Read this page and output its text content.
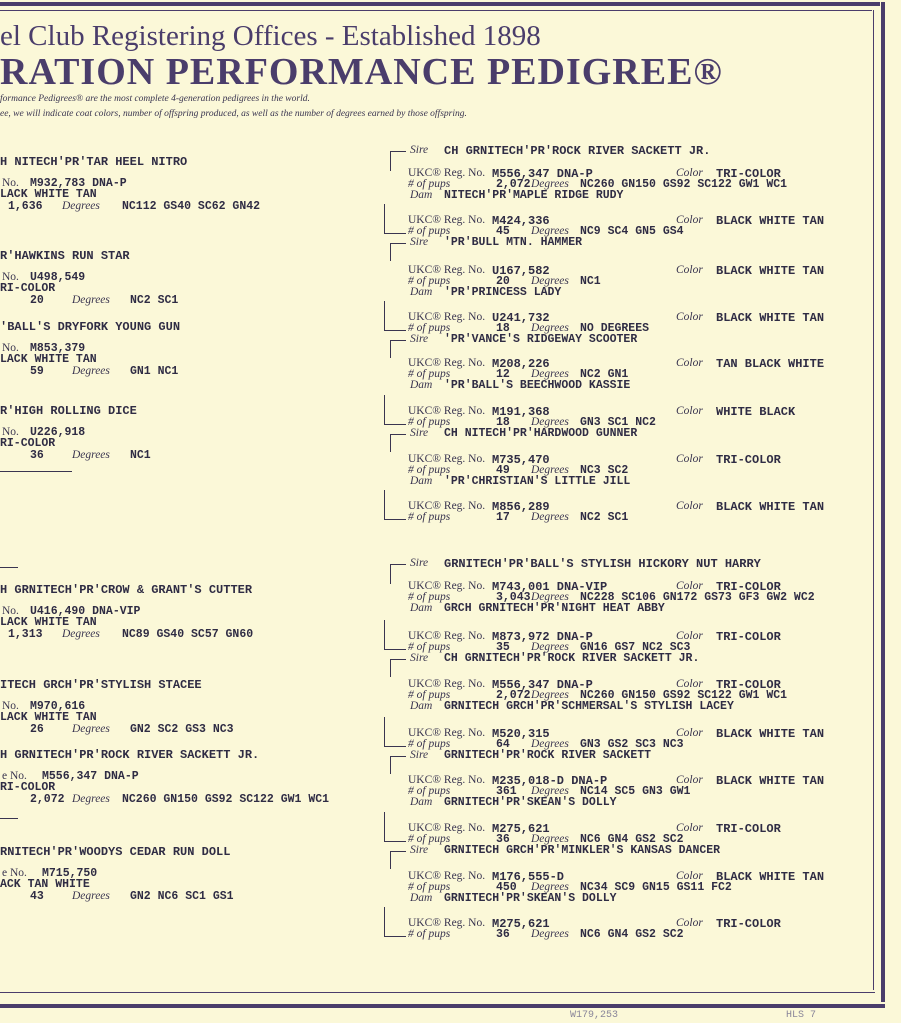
el Club Registering Offices - Established 1898
RATION PERFORMANCE PEDIGREE®
formance Pedigrees® are the most complete 4-generation pedigrees in the world.
ee, we will indicate coat colors, number of offspring produced, as well as the number of degrees earned by those offspring.
H NITECH'PR'TAR HEEL NITRO
No. M932,783 DNA-P
LACK WHITE TAN
1,636 Degrees NC112 GS40 SC62 GN42
R'HAWKINS RUN STAR
No. U498,549
RI-COLOR
20 Degrees NC2 SC1
'BALL'S DRYFORK YOUNG GUN
No. M853,379
LACK WHITE TAN
59 Degrees GN1 NC1
R'HIGH ROLLING DICE
No. U226,918
RI-COLOR
36 Degrees NC1
H GRNITECH'PR'CROW & GRANT'S CUTTER
No. U416,490 DNA-VIP
LACK WHITE TAN
1,313 Degrees NC89 GS40 SC57 GN60
ITECH GRCH'PR'STYLISH STACEE
No. M970,616
LACK WHITE TAN
26 Degrees GN2 SC2 GS3 NC3
H GRNITECH'PR'ROCK RIVER SACKETT JR.
e No. M556,347 DNA-P
RI-COLOR
2,072 Degrees NC260 GN150 GS92 SC122 GW1 WC1
RNITECH'PR'WOODYS CEDAR RUN DOLL
e No. M715,750
ACK TAN WHITE
43 Degrees GN2 NC6 SC1 GS1
Sire CH GRNITECH'PR'ROCK RIVER SACKETT JR.
UKC® Reg. No. M556,347 DNA-P	Color TRI-COLOR
# of pups	2,072 Degrees NC260 GN150 GS92 SC122 GW1 WC1
Dam NITECH'PR'MAPLE RIDGE RUDY
UKC® Reg. No. M424,336	Color BLACK WHITE TAN
# of pups	45 Degrees NC9 SC4 GN5 GS4
Sire 'PR'BULL MTN. HAMMER
UKC® Reg. No. U167,582	Color BLACK WHITE TAN
# of pups	20 Degrees NC1
Dam 'PR'PRINCESS LADY
UKC® Reg. No. U241,732	Color BLACK WHITE TAN
# of pups	18 Degrees NO DEGREES
Sire 'PR'VANCE'S RIDGEWAY SCOOTER
UKC® Reg. No. M208,226	Color TAN BLACK WHITE
# of pups	12 Degrees NC2 GN1
Dam 'PR'BALL'S BEECHWOOD KASSIE
UKC® Reg. No. M191,368	Color WHITE BLACK
# of pups	18 Degrees GN3 SC1 NC2
Sire CH NITECH'PR'HARDWOOD GUNNER
UKC® Reg. No. M735,470	Color TRI-COLOR
# of pups	49 Degrees NC3 SC2
Dam 'PR'CHRISTIAN'S LITTLE JILL
UKC® Reg. No. M856,289	Color BLACK WHITE TAN
# of pups	17 Degrees NC2 SC1
Sire GRNITECH'PR'BALL'S STYLISH HICKORY NUT HARRY
UKC® Reg. No. M743,001 DNA-VIP	Color TRI-COLOR
# of pups	3,043 Degrees NC228 SC106 GN172 GS73 GF3 GW2 WC2
Dam GRCH GRNITECH'PR'NIGHT HEAT ABBY
UKC® Reg. No. M873,972 DNA-P	Color TRI-COLOR
# of pups	35 Degrees GN16 GS7 NC2 SC3
Sire CH GRNITECH'PR'ROCK RIVER SACKETT JR.
UKC® Reg. No. M556,347 DNA-P	Color TRI-COLOR
# of pups	2,072 Degrees NC260 GN150 GS92 SC122 GW1 WC1
Dam GRNITECH GRCH'PR'SCHMERSAL'S STYLISH LACEY
UKC® Reg. No. M520,315	Color BLACK WHITE TAN
# of pups	64 Degrees GN3 GS2 SC3 NC3
Sire GRNITECH'PR'ROCK RIVER SACKETT
UKC® Reg. No. M235,018-D DNA-P	Color BLACK WHITE TAN
# of pups	361 Degrees NC14 SC5 GN3 GW1
Dam GRNITECH'PR'SKEAN'S DOLLY
UKC® Reg. No. M275,621	Color TRI-COLOR
# of pups	36 Degrees NC6 GN4 GS2 SC2
Sire GRNITECH GRCH'PR'MINKLER'S KANSAS DANCER
UKC® Reg. No. M176,555-D	Color BLACK WHITE TAN
# of pups	450 Degrees NC34 SC9 GN15 GS11 FC2
Dam GRNITECH'PR'SKEAN'S DOLLY
UKC® Reg. No. M275,621	Color TRI-COLOR
# of pups	36 Degrees NC6 GN4 GS2 SC2
W179,253	HLS 7
